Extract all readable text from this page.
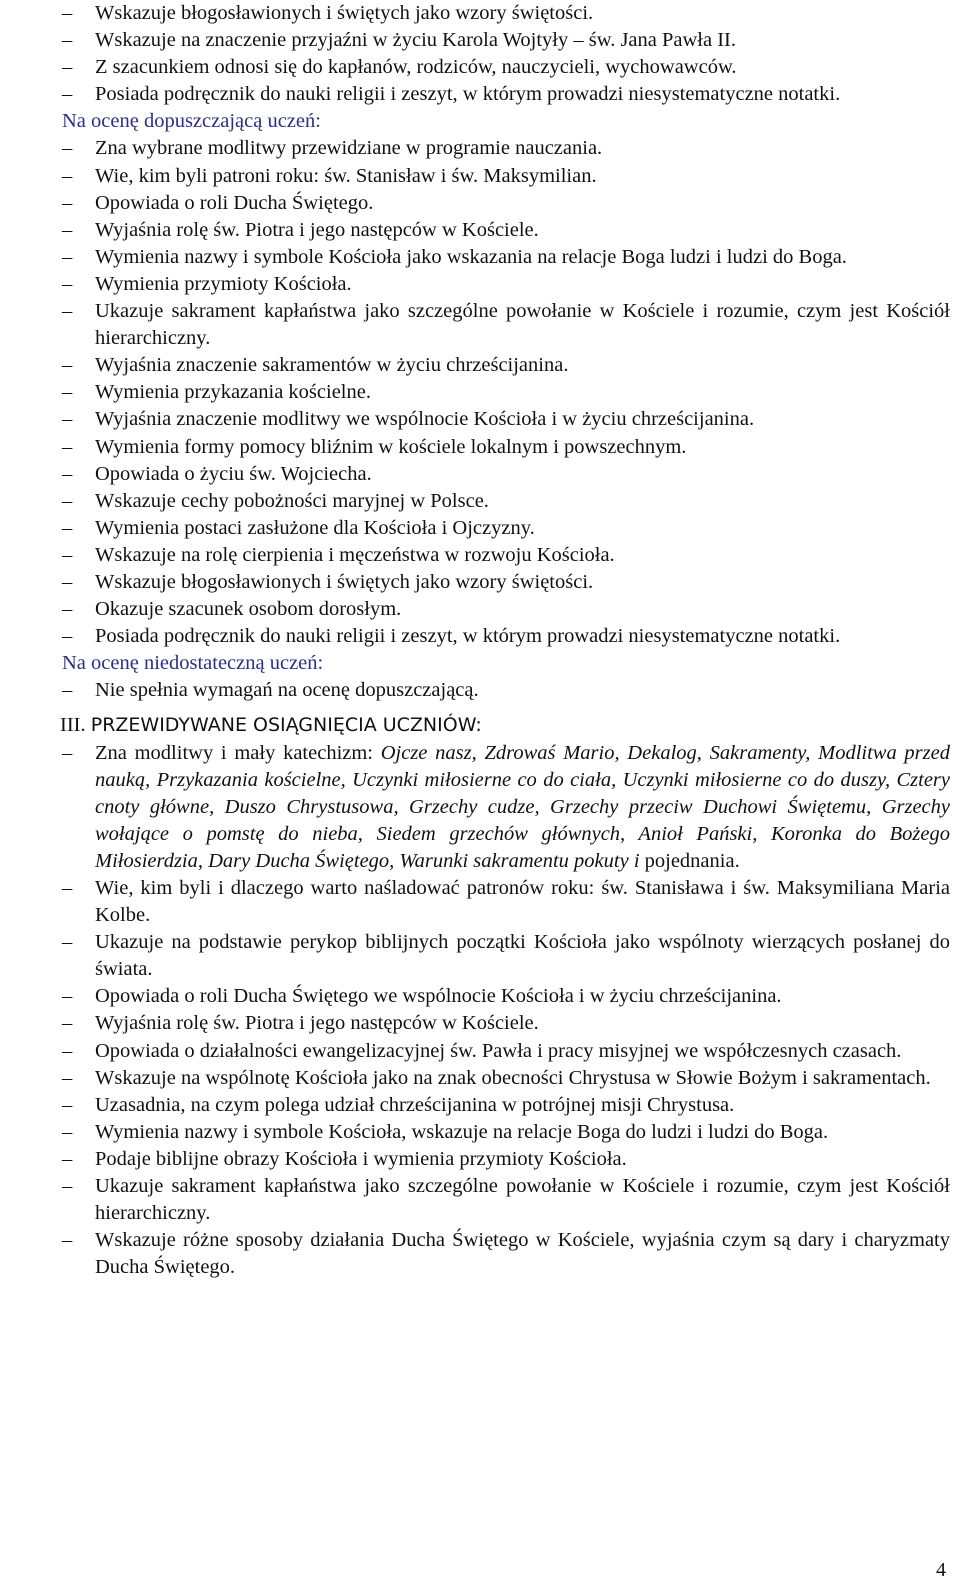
– Wskazuje błogosławionych i świętych jako wzory świętości.
– Wskazuje na znaczenie przyjaźni w życiu Karola Wojtyły – św. Jana Pawła II.
– Z szacunkiem odnosi się do kapłanów, rodziców, nauczycieli, wychowawców.
– Posiada podręcznik do nauki religii i zeszyt, w którym prowadzi niesystematyczne notatki.
Na ocenę dopuszczającą uczeń:
– Zna wybrane modlitwy przewidziane w programie nauczania.
– Wie, kim byli patroni roku: św. Stanisław i św. Maksymilian.
– Opowiada o roli Ducha Świętego.
– Wyjaśnia rolę św. Piotra i jego następców w Kościele.
– Wymienia nazwy i symbole Kościoła jako wskazania na relacje Boga ludzi i ludzi do Boga.
– Wymienia przymioty Kościoła.
– Ukazuje sakrament kapłaństwa jako szczególne powołanie w Kościele i rozumie, czym jest Kościół hierarchiczny.
– Wyjaśnia znaczenie sakramentów w życiu chrześcijanina.
– Wymienia przykazania kościelne.
– Wyjaśnia znaczenie modlitwy we wspólnocie Kościoła i w życiu chrześcijanina.
– Wymienia formy pomocy bliźnim w kościele lokalnym i powszechnym.
– Opowiada o życiu św. Wojciecha.
– Wskazuje cechy pobożności maryjnej w Polsce.
– Wymienia postaci zasłużone dla Kościoła i Ojczyzny.
– Wskazuje na rolę cierpienia i męczeństwa w rozwoju Kościoła.
– Wskazuje błogosławionych i świętych jako wzory świętości.
– Okazuje szacunek osobom dorosłym.
– Posiada podręcznik do nauki religii i zeszyt, w którym prowadzi niesystematyczne notatki.
Na ocenę niedostateczną uczeń:
– Nie spełnia wymagań na ocenę dopuszczającą.
III. PRZEWIDYWANE OSIĄGNIĘCIA UCZNIÓW:
– Zna modlitwy i mały katechizm: Ojcze nasz, Zdrowaś Mario, Dekalog, Sakramenty, Modlitwa przed nauką, Przykazania kościelne, Uczynki miłosierne co do ciała, Uczynki miłosierne co do duszy, Cztery cnoty główne, Duszo Chrystusowa, Grzechy cudze, Grzechy przeciw Duchowi Świętemu, Grzechy wołające o pomstę do nieba, Siedem grzechów głównych, Anioł Pański, Koronka do Bożego Miłosierdzia, Dary Ducha Świętego, Warunki sakramentu pokuty i pojednania.
– Wie, kim byli i dlaczego warto naśladować patronów roku: św. Stanisława i św. Maksymiliana Maria Kolbe.
– Ukazuje na podstawie perykop biblijnych początki Kościoła jako wspólnoty wierzących posłanej do świata.
– Opowiada o roli Ducha Świętego we wspólnocie Kościoła i w życiu chrześcijanina.
– Wyjaśnia rolę św. Piotra i jego następców w Kościele.
– Opowiada o działalności ewangelizacyjnej św. Pawła i pracy misyjnej we współczesnych czasach.
– Wskazuje na wspólnotę Kościoła jako na znak obecności Chrystusa w Słowie Bożym i sakramentach.
– Uzasadnia, na czym polega udział chrześcijanina w potrójnej misji Chrystusa.
– Wymienia nazwy i symbole Kościoła, wskazuje na relacje Boga do ludzi i ludzi do Boga.
– Podaje biblijne obrazy Kościoła i wymienia przymioty Kościoła.
– Ukazuje sakrament kapłaństwa jako szczególne powołanie w Kościele i rozumie, czym jest Kościół hierarchiczny.
– Wskazuje różne sposoby działania Ducha Świętego w Kościele, wyjaśnia czym są dary i charyzmaty Ducha Świętego.
4
